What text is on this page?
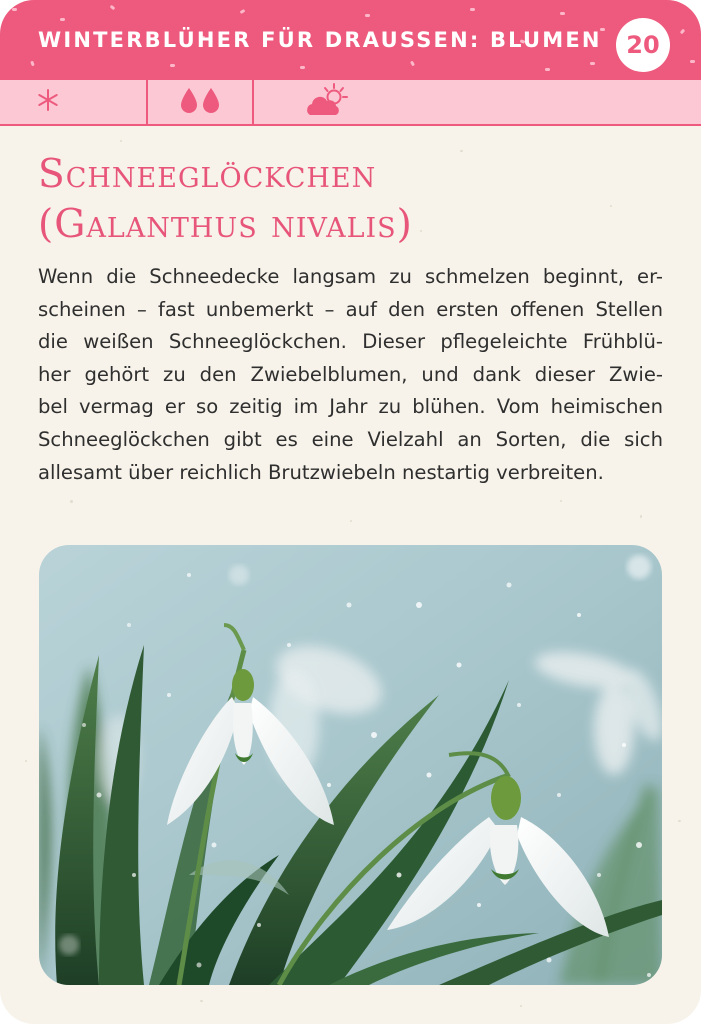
WINTERBLÜHER FÜR DRAUSSEN: BLUMEN	20
Schneeglöckchen
(Galanthus nivalis)
Wenn die Schneedecke langsam zu schmelzen beginnt, er-
scheinen – fast unbemerkt – auf den ersten offenen Stellen
die weißen Schneeglöckchen. Dieser pflegeleichte Frühblü-
her gehört zu den Zwiebelblumen, und dank dieser Zwie-
bel vermag er so zeitig im Jahr zu blühen. Vom heimischen
Schneeglöckchen gibt es eine Vielzahl an Sorten, die sich
allesamt über reichlich Brutzwiebeln nestartig verbreiten.
